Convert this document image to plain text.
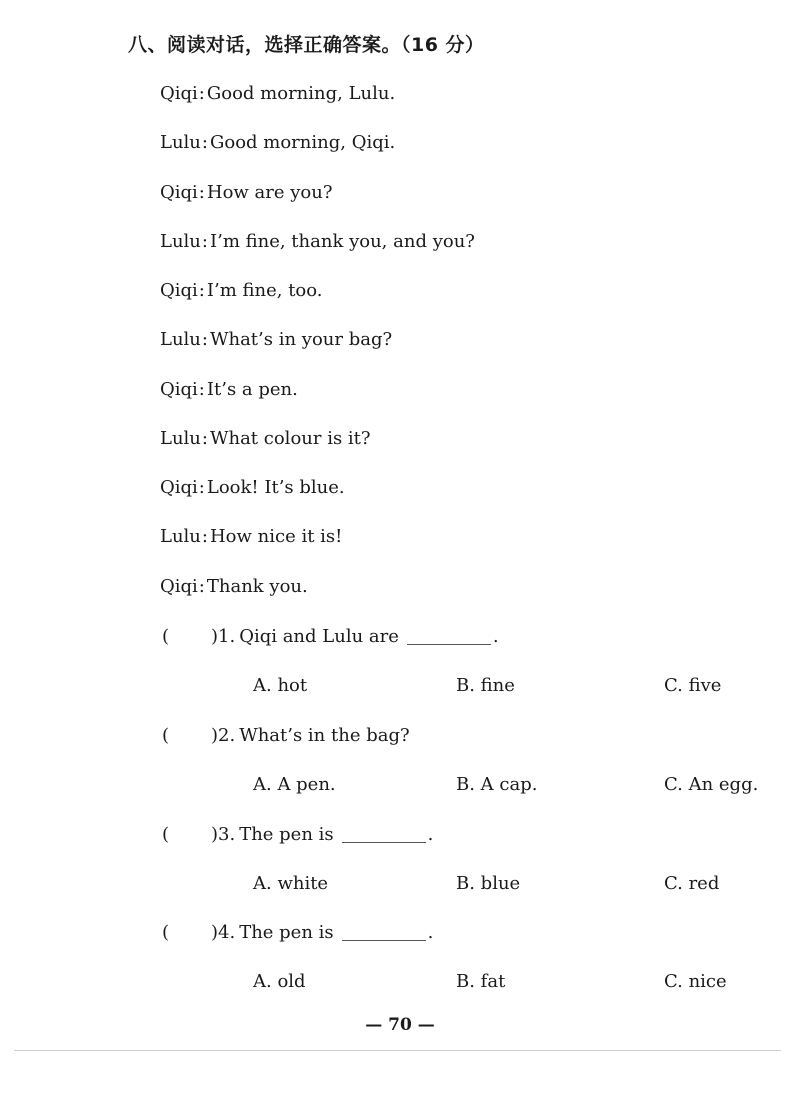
八、阅读对话，选择正确答案。（16 分）
Qiqi: Good morning, Lulu.
Lulu: Good morning, Qiqi.
Qiqi: How are you?
Lulu: I’m fine, thank you, and you?
Qiqi: I’m fine, too.
Lulu: What’s in your bag?
Qiqi: It’s a pen.
Lulu: What colour is it?
Qiqi: Look! It’s blue.
Lulu: How nice it is!
Qiqi: Thank you.
( )
1. Qiqi and Lulu are	.
A. hot	B. fine	C. five
( )
2. What’s in the bag?
A. A pen.	B. A cap.	C. An egg.
( )
3. The pen is	.
A. white	B. blue	C. red
( )
4. The pen is	.
A. old	B. fat	C. nice
— 70 —
